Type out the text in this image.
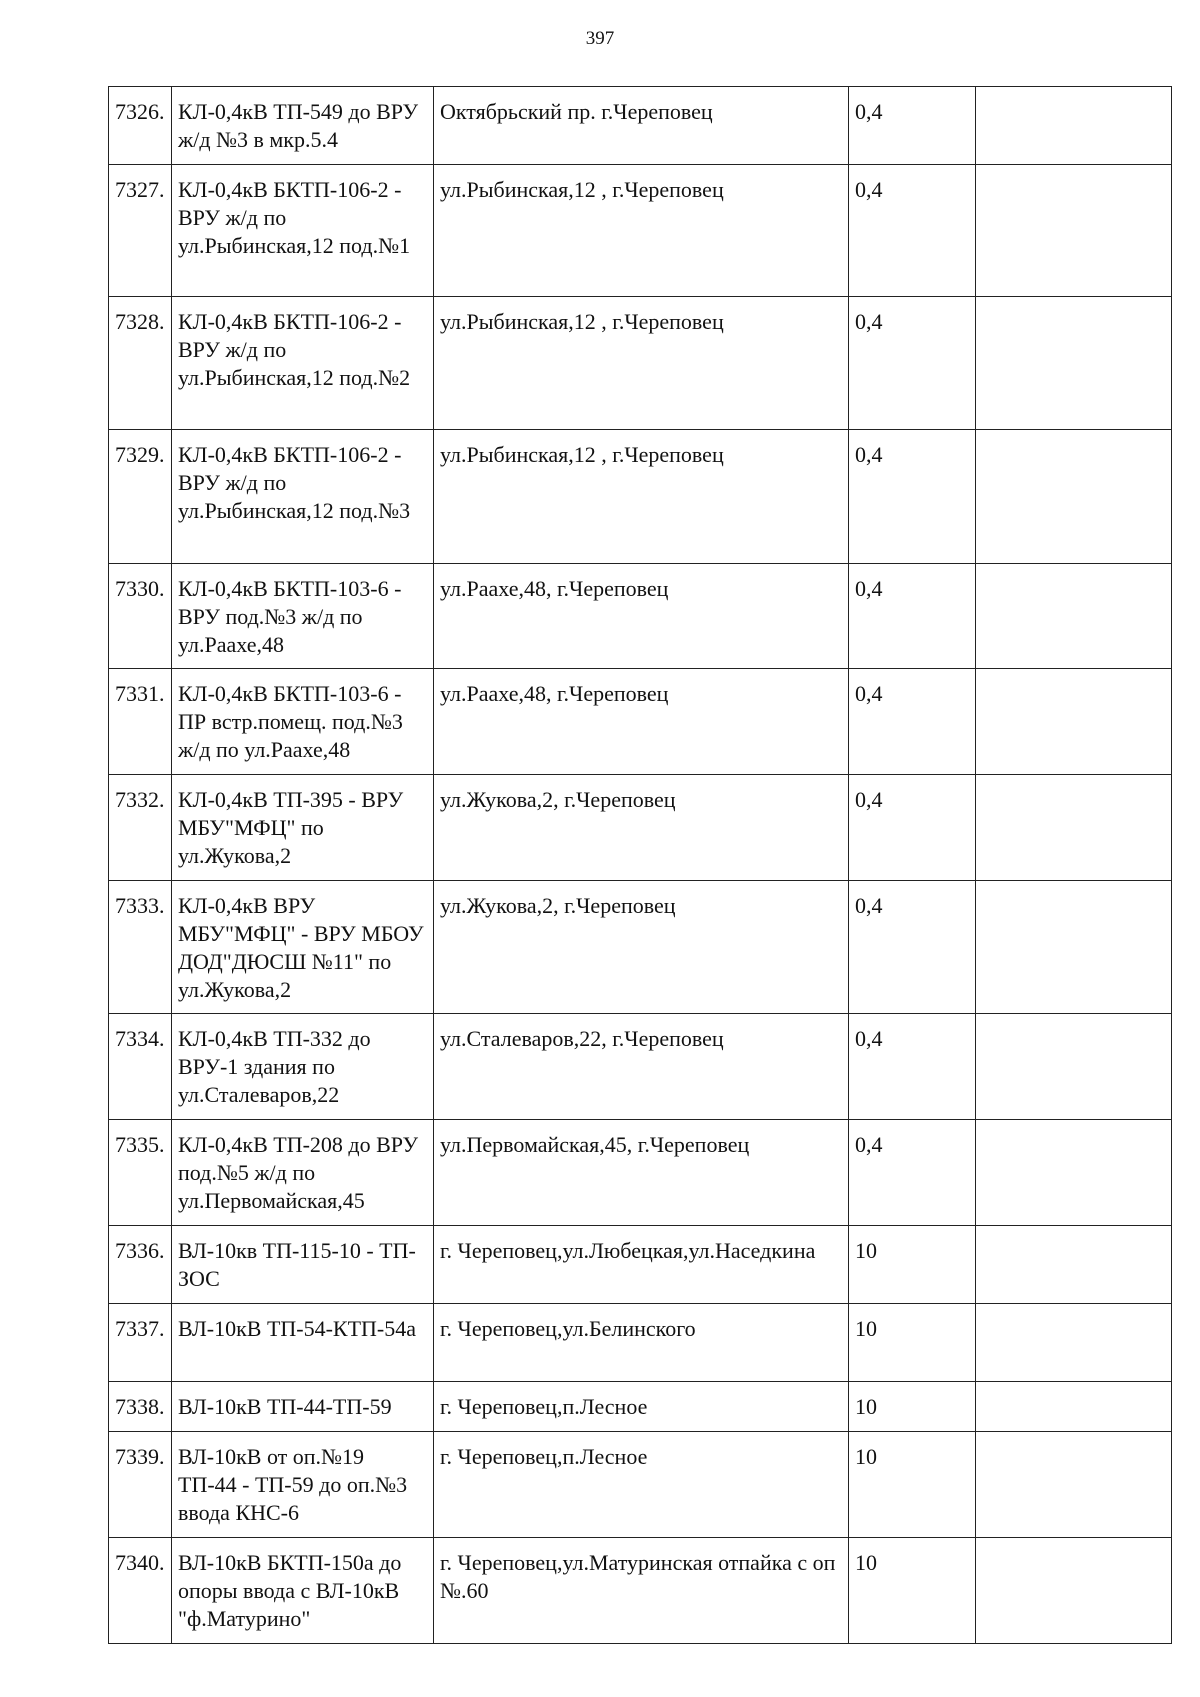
397
7326.	КЛ-0,4кВ ТП-549 до ВРУ ж/д №3 в мкр.5.4	Октябрьский пр. г.Череповец	0,4	
7327.	КЛ-0,4кВ БКТП-106-2 - ВРУ ж/д по ул.Рыбинская,12 под.№1	ул.Рыбинская,12 , г.Череповец	0,4	
7328.	КЛ-0,4кВ БКТП-106-2 - ВРУ ж/д по ул.Рыбинская,12 под.№2	ул.Рыбинская,12 , г.Череповец	0,4	
7329.	КЛ-0,4кВ БКТП-106-2 - ВРУ ж/д по ул.Рыбинская,12 под.№3	ул.Рыбинская,12 , г.Череповец	0,4	
7330.	КЛ-0,4кВ БКТП-103-6 - ВРУ под.№3 ж/д по ул.Раахе,48	ул.Раахе,48, г.Череповец	0,4	
7331.	КЛ-0,4кВ БКТП-103-6 - ПР встр.помещ. под.№3 ж/д по ул.Раахе,48	ул.Раахе,48, г.Череповец	0,4	
7332.	КЛ-0,4кВ ТП-395 - ВРУ МБУ"МФЦ" по ул.Жукова,2	ул.Жукова,2, г.Череповец	0,4	
7333.	КЛ-0,4кВ ВРУ МБУ"МФЦ" - ВРУ МБОУ ДОД"ДЮСШ №11" по ул.Жукова,2	ул.Жукова,2, г.Череповец	0,4	
7334.	КЛ-0,4кВ ТП-332 до ВРУ-1 здания по ул.Сталеваров,22	ул.Сталеваров,22, г.Череповец	0,4	
7335.	КЛ-0,4кВ ТП-208 до ВРУ под.№5 ж/д по ул.Первомайская,45	ул.Первомайская,45, г.Череповец	0,4	
7336.	ВЛ-10кв ТП-115-10 - ТП-ЗОС	г. Череповец,ул.Любецкая,ул.Наседкина	10	
7337.	ВЛ-10кВ ТП-54-КТП-54а	г. Череповец,ул.Белинского	10	
7338.	ВЛ-10кВ ТП-44-ТП-59	г. Череповец,п.Лесное	10	
7339.	ВЛ-10кВ от оп.№19 ТП-44 - ТП-59 до оп.№3 ввода КНС-6	г. Череповец,п.Лесное	10	
7340.	ВЛ-10кВ БКТП-150а до опоры ввода с ВЛ-10кВ "ф.Матурино"	г. Череповец,ул.Матуринская отпайка с оп №.60	10	
